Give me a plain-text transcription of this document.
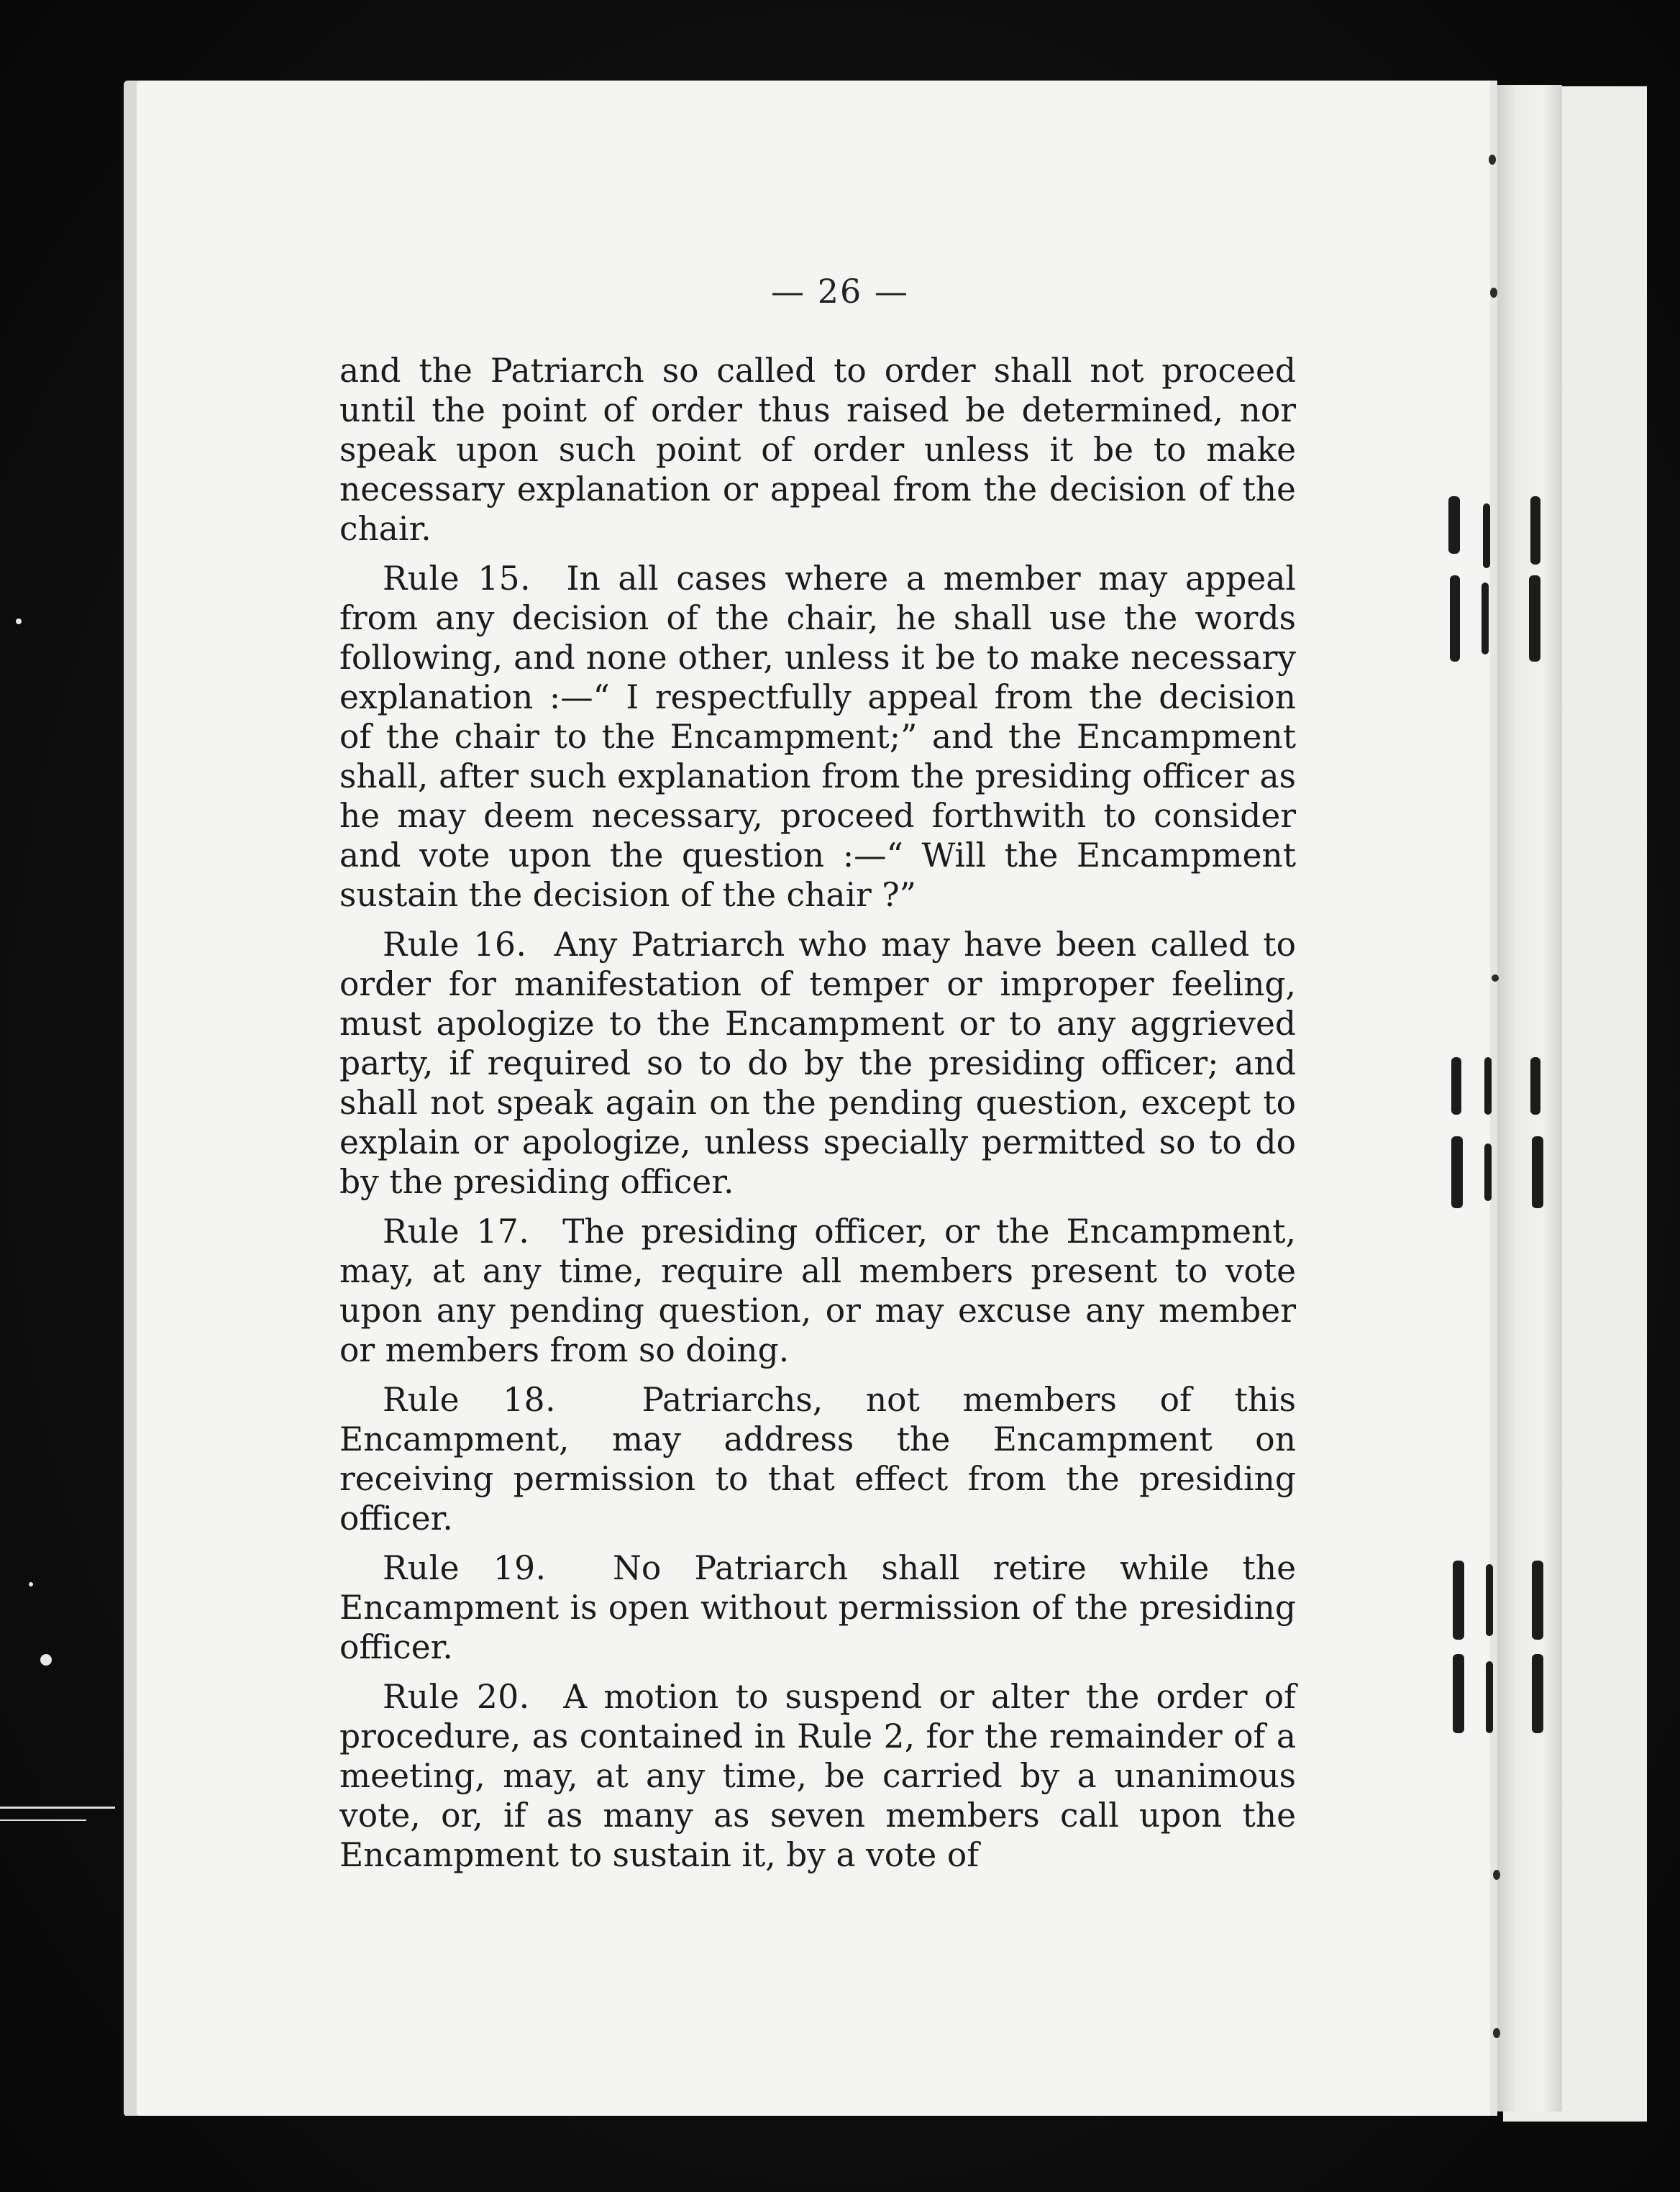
— 26 —

and the Patriarch so called to order shall not proceed until the point of order thus raised be determined, nor speak upon such point of order unless it be to make necessary explanation or appeal from the decision of the chair.

Rule 15. In all cases where a member may appeal from any decision of the chair, he shall use the words following, and none other, unless it be to make necessary explanation :—“ I respectfully appeal from the decision of the chair to the Encampment;” and the Encampment shall, after such explanation from the presiding officer as he may deem necessary, proceed forthwith to consider and vote upon the question :—“ Will the Encampment sustain the decision of the chair ?”

Rule 16. Any Patriarch who may have been called to order for manifestation of temper or improper feeling, must apologize to the Encampment or to any aggrieved party, if required so to do by the presiding officer; and shall not speak again on the pending question, except to explain or apologize, unless specially permitted so to do by the presiding officer.

Rule 17. The presiding officer, or the Encampment, may, at any time, require all members present to vote upon any pending question, or may excuse any member or members from so doing.

Rule 18.	Patriarchs, not members of this Encampment, may address the Encampment on receiving permission to that effect from the presiding officer.

Rule 19. No Patriarch shall retire while the Encampment is open without permission of the presiding officer.

Rule 20. A motion to suspend or alter the order of procedure, as contained in Rule 2, for the remainder of a meeting, may, at any time, be carried by a unanimous vote, or, if as many as seven members call upon the Encampment to sustain it, by a vote of
